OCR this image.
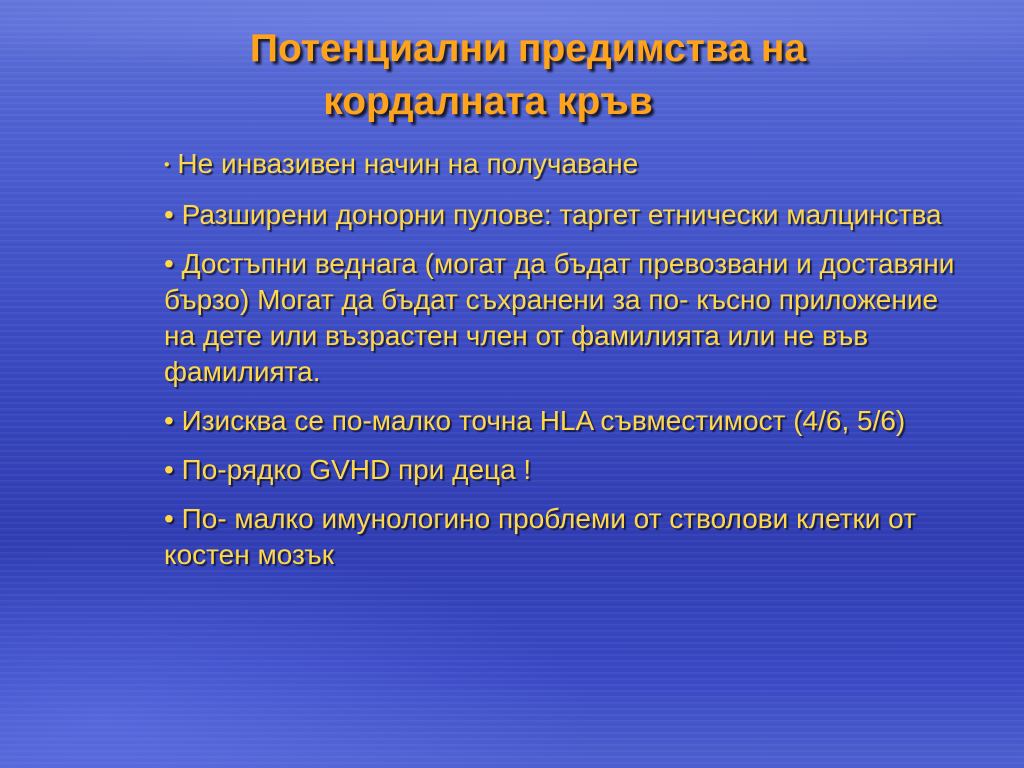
Потенциални предимства на
кордалната кръв
• Не инвазивен начин на получаване
• Разширени донорни пулове: таргет етнически малцинства
• Достъпни веднага (могат да бъдат превозвани и доставяни бързо) Могат да бъдат съхранени за по- късно приложение на дете или възрастен член от фамилията или не във фамилията.
• Изисква се по-малко точна HLA съвместимост (4/6, 5/6)
• По-рядко GVHD при деца !
• По- малко имунологино проблеми от стволови клетки от костен мозък
